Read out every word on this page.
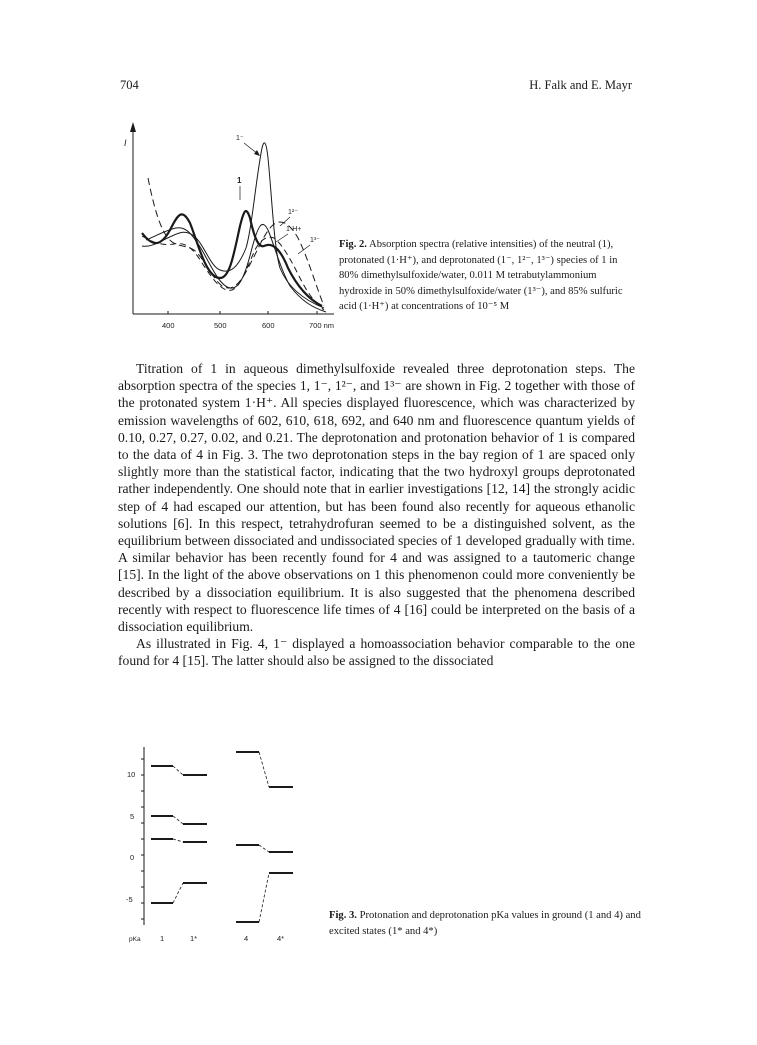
704	H. Falk and E. Mayr
400	500	600	700 nm
I	1⁻
1
1²⁻
1·H+
1³⁻ Fig. 2. Absorption spectra (relative intensities) of the neutral (1), protonated (1·H⁺), and deprotonated (1⁻, 1²⁻, 1³⁻) species of 1 in 80% dimethylsulfoxide/water, 0.011 M tetrabutylammonium hydroxide in 50% dimethylsulfoxide/water (1³⁻), and 85% sulfuric acid (1·H⁺) at concentrations of 10⁻⁵ M

Titration of 1 in aqueous dimethylsulfoxide revealed three deprotonation steps. The absorption spectra of the species 1, 1⁻, 1²⁻, and 1³⁻ are shown in Fig. 2 together with those of the protonated system 1·H⁺. All species displayed fluorescence, which was characterized by emission wavelengths of 602, 610, 618, 692, and 640 nm and fluorescence quantum yields of 0.10, 0.27, 0.27, 0.02, and 0.21. The deprotonation and protonation behavior of 1 is compared to the data of 4 in Fig. 3. The two deprotonation steps in the bay region of 1 are spaced only slightly more than the statistical factor, indicating that the two hydroxyl groups deprotonated rather independently. One should note that in earlier investigations [12, 14] the strongly acidic step of 4 had escaped our attention, but has been found also recently for aqueous ethanolic solutions [6]. In this respect, tetrahydrofuran seemed to be a distinguished solvent, as the equilibrium between dissociated and undissociated species of 1 developed gradually with time. A similar behavior has been recently found for 4 and was assigned to a tautomeric change [15]. In the light of the above observations on 1 this phenomenon could more conveniently be described by a dissociation equilibrium. It is also suggested that the phenomena described recently with respect to fluorescence life times of 4 [16] could be interpreted on the basis of a dissociation equilibrium.

As illustrated in Fig. 4, 1⁻ displayed a homoassociation behavior comparable to the one found for 4 [15]. The latter should also be assigned to the dissociated

10
5
0
-5
pKa	1	1*	4	4*
Fig. 3. Protonation and deprotonation pKa values in ground (1 and 4) and excited states (1* and 4*)
